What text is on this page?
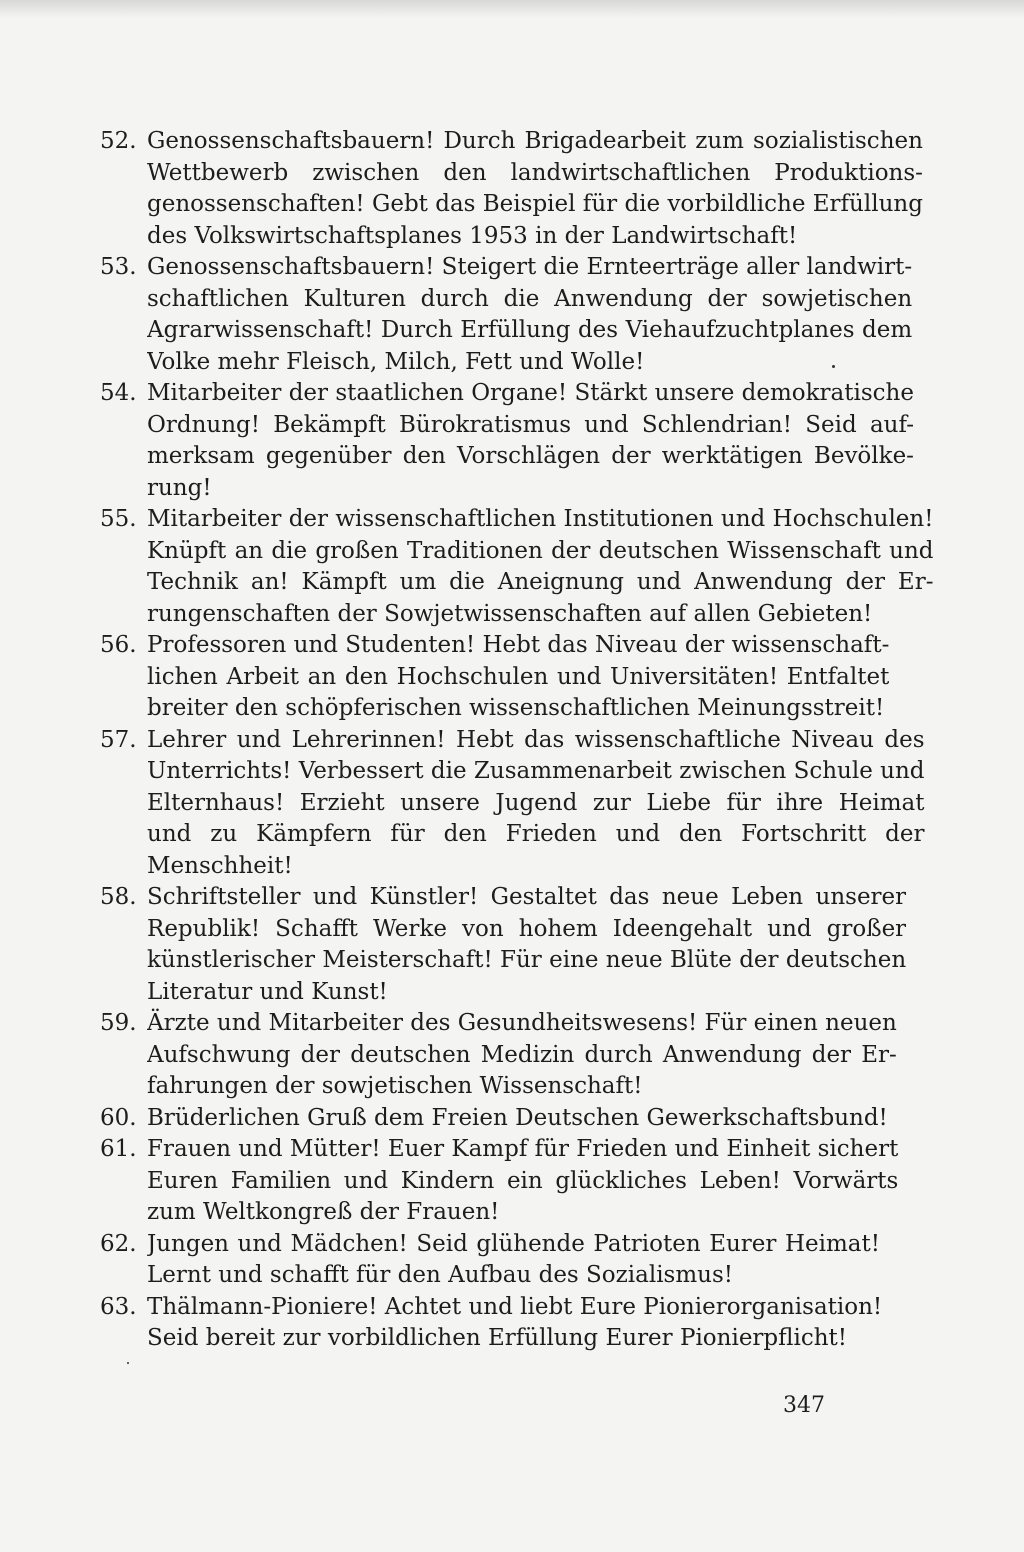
52. Genossenschaftsbauern! Durch Brigadearbeit zum sozialistischen
Wettbewerb zwischen den landwirtschaftlichen Produktions-
genossenschaften! Gebt das Beispiel für die vorbildliche Erfüllung
des Volkswirtschaftsplanes 1953 in der Landwirtschaft!
53. Genossenschaftsbauern! Steigert die Ernteerträge aller landwirt-
schaftlichen Kulturen durch die Anwendung der sowjetischen
Agrarwissenschaft! Durch Erfüllung des Viehaufzuchtplanes dem
Volke mehr Fleisch, Milch, Fett und Wolle!
54. Mitarbeiter der staatlichen Organe! Stärkt unsere demokratische
Ordnung! Bekämpft Bürokratismus und Schlendrian! Seid auf-
merksam gegenüber den Vorschlägen der werktätigen Bevölke-
rung!
55. Mitarbeiter der wissenschaftlichen Institutionen und Hochschulen!
Knüpft an die großen Traditionen der deutschen Wissenschaft und
Technik an! Kämpft um die Aneignung und Anwendung der Er-
rungenschaften der Sowjetwissenschaften auf allen Gebieten!
56. Professoren und Studenten! Hebt das Niveau der wissenschaft-
lichen Arbeit an den Hochschulen und Universitäten! Entfaltet
breiter den schöpferischen wissenschaftlichen Meinungsstreit!
57. Lehrer und Lehrerinnen! Hebt das wissenschaftliche Niveau des
Unterrichts! Verbessert die Zusammenarbeit zwischen Schule und
Elternhaus! Erzieht unsere Jugend zur Liebe für ihre Heimat
und zu Kämpfern für den Frieden und den Fortschritt der
Menschheit!
58. Schriftsteller und Künstler! Gestaltet das neue Leben unserer
Republik! Schafft Werke von hohem Ideengehalt und großer
künstlerischer Meisterschaft! Für eine neue Blüte der deutschen
Literatur und Kunst!
59. Ärzte und Mitarbeiter des Gesundheitswesens! Für einen neuen
Aufschwung der deutschen Medizin durch Anwendung der Er-
fahrungen der sowjetischen Wissenschaft!
60. Brüderlichen Gruß dem Freien Deutschen Gewerkschaftsbund!
61. Frauen und Mütter! Euer Kampf für Frieden und Einheit sichert
Euren Familien und Kindern ein glückliches Leben! Vorwärts
zum Weltkongreß der Frauen!
62. Jungen und Mädchen! Seid glühende Patrioten Eurer Heimat!
Lernt und schafft für den Aufbau des Sozialismus!
63. Thälmann-Pioniere! Achtet und liebt Eure Pionierorganisation!
Seid bereit zur vorbildlichen Erfüllung Eurer Pionierpflicht!
347
